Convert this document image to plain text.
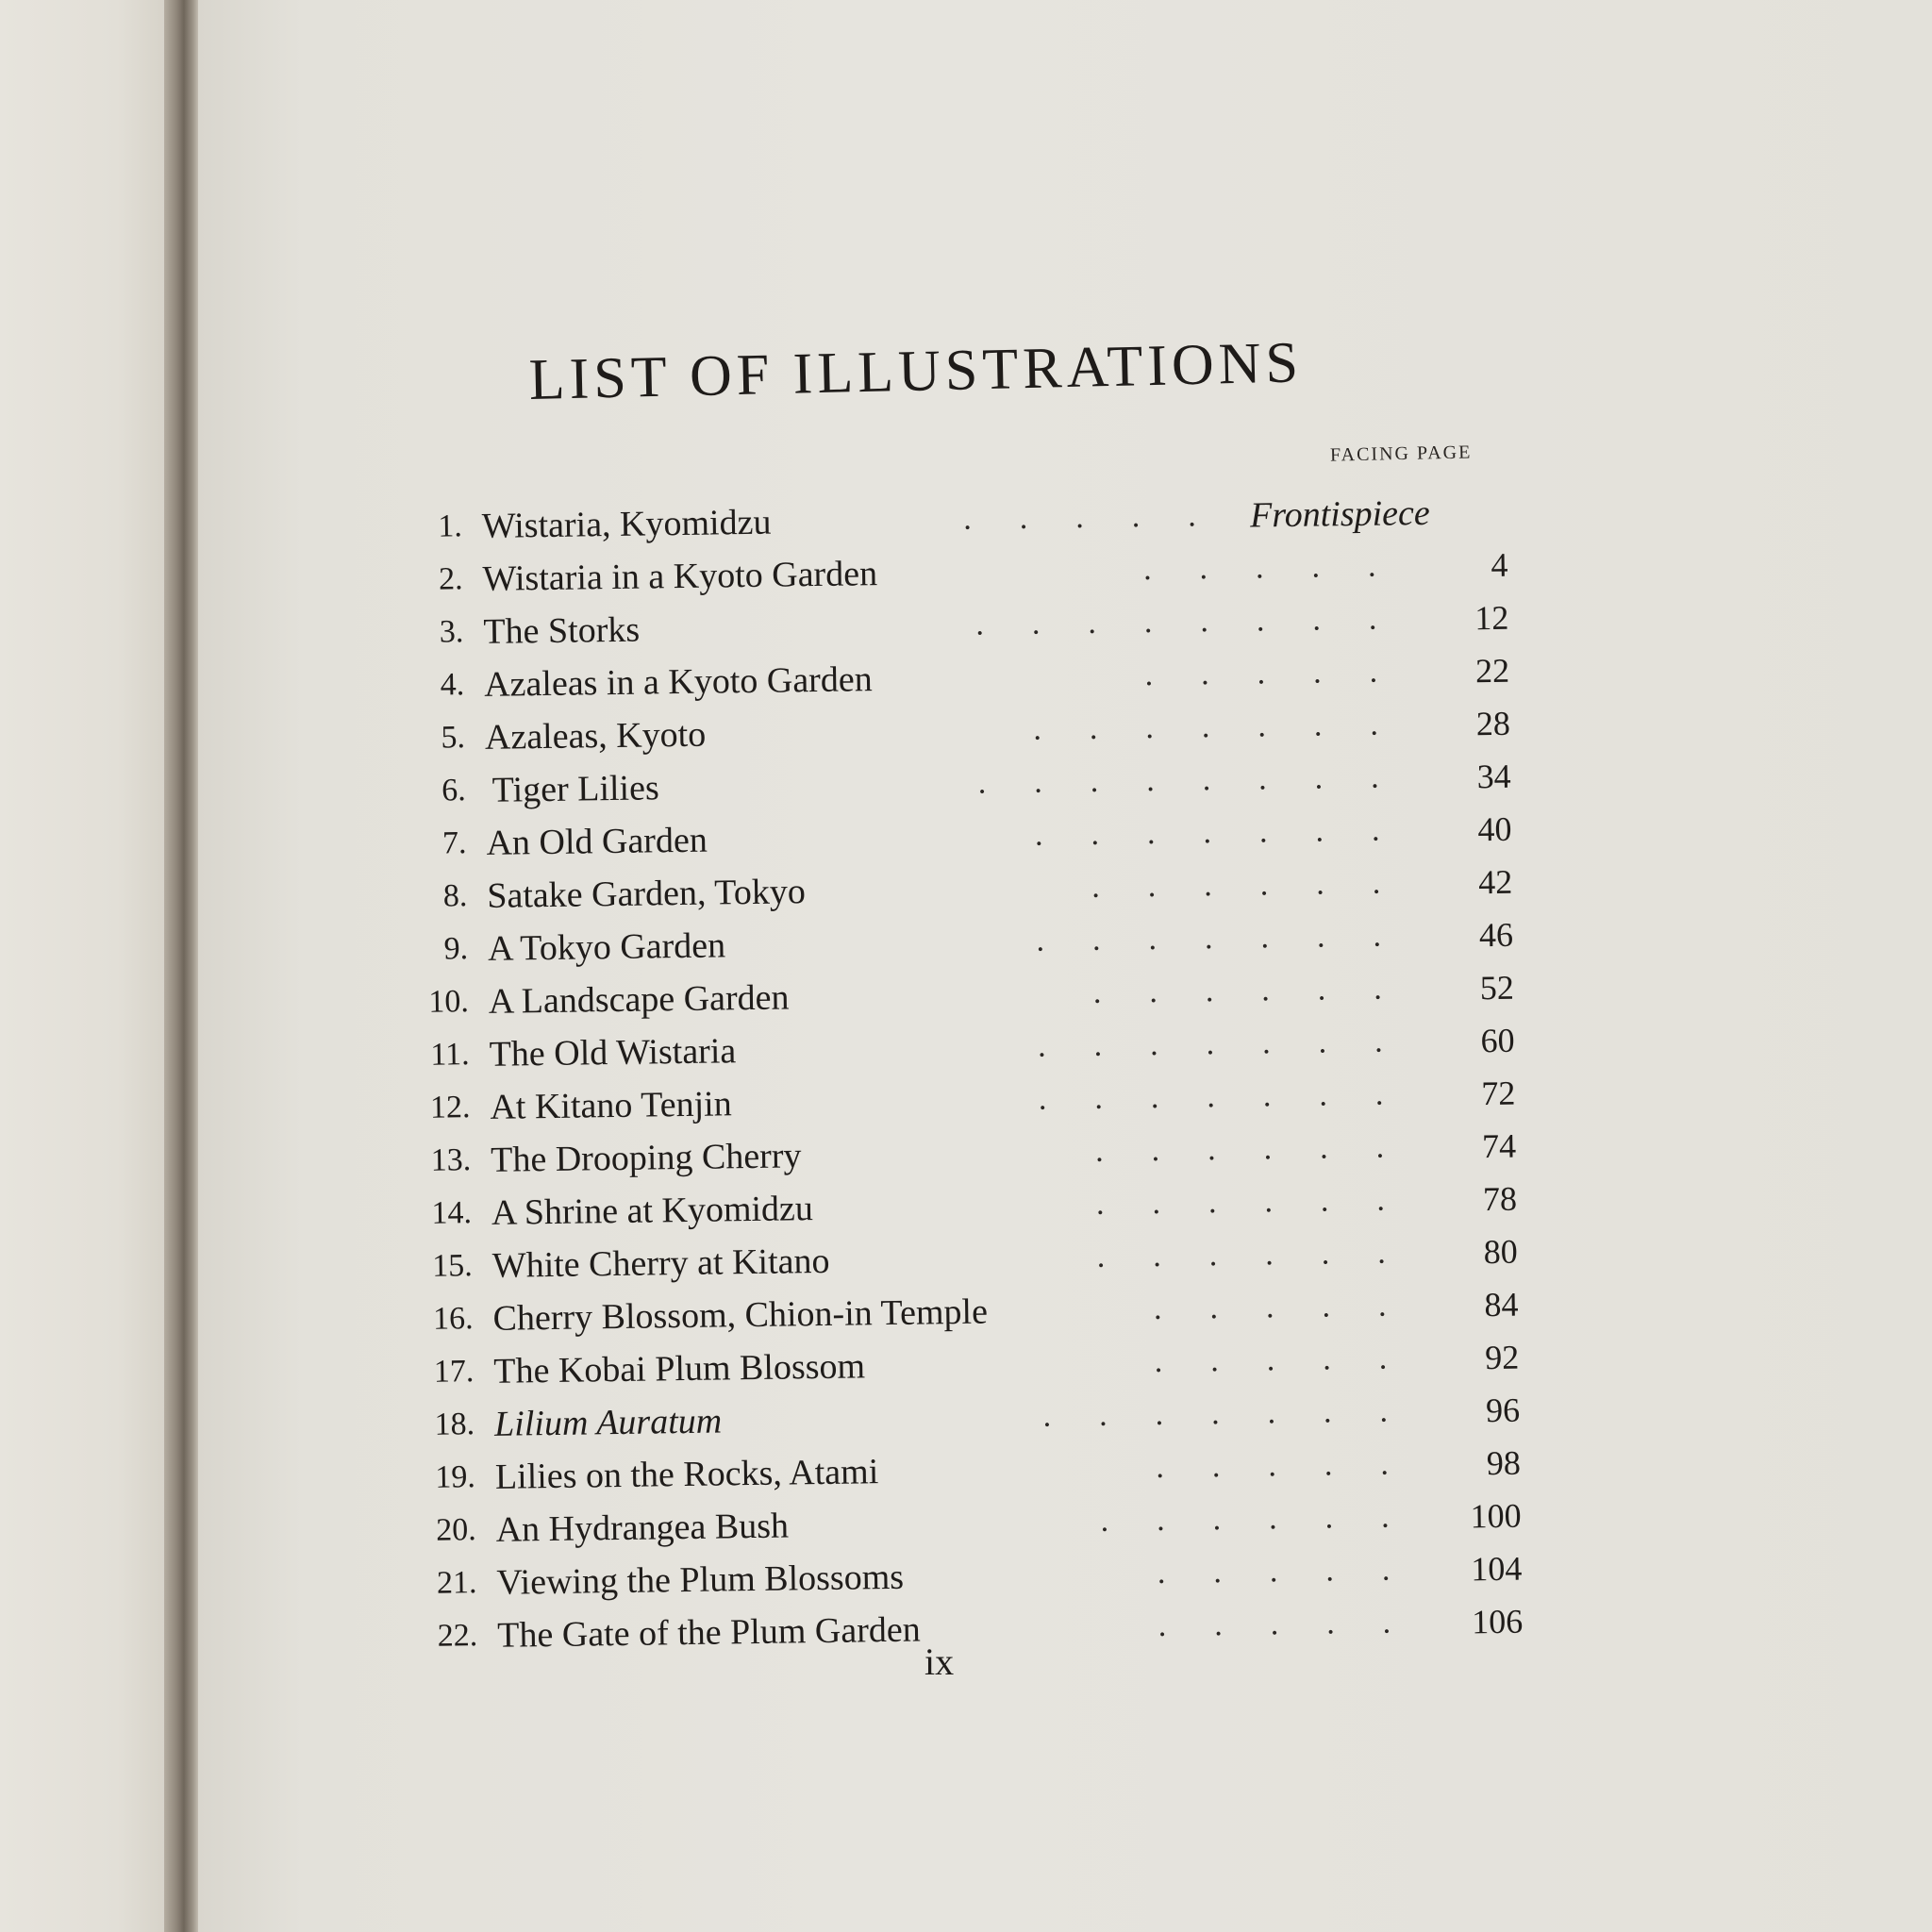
LIST OF ILLUSTRATIONS
FACING PAGE
1. Wistaria, Kyomidzu	.      .      .      .      .	Frontispiece
2. Wistaria in a Kyoto Garden	.      .      .      .      .	4
3. The Storks	.      .      .      .      .      .      .      .	12
4. Azaleas in a Kyoto Garden	.      .      .      .      .	22
5. Azaleas, Kyoto	.      .      .      .      .      .      .	28
6. Tiger Lilies	.      .      .      .      .      .      .      .	34
7. An Old Garden	.      .      .      .      .      .      .	40
8. Satake Garden, Tokyo	.      .      .      .      .      .	42
9. A Tokyo Garden	.      .      .      .      .      .      .	46
10. A Landscape Garden	.      .      .      .      .      .	52
11. The Old Wistaria	.      .      .      .      .      .      .	60
12. At Kitano Tenjin	.      .      .      .      .      .      .	72
13. The Drooping Cherry	.      .      .      .      .      .	74
14. A Shrine at Kyomidzu	.      .      .      .      .      .	78
15. White Cherry at Kitano	.      .      .      .      .      .	80
16. Cherry Blossom, Chion-in Temple	.      .      .      .      .	84
17. The Kobai Plum Blossom	.      .      .      .      .	92
18. Lilium Auratum	.      .      .      .      .      .      .	96
19. Lilies on the Rocks, Atami	.      .      .      .      .	98
20. An Hydrangea Bush	.      .      .      .      .      .	100
21. Viewing the Plum Blossoms	.      .      .      .      .	104
22. The Gate of the Plum Garden	.      .      .      .      .	106
ix
